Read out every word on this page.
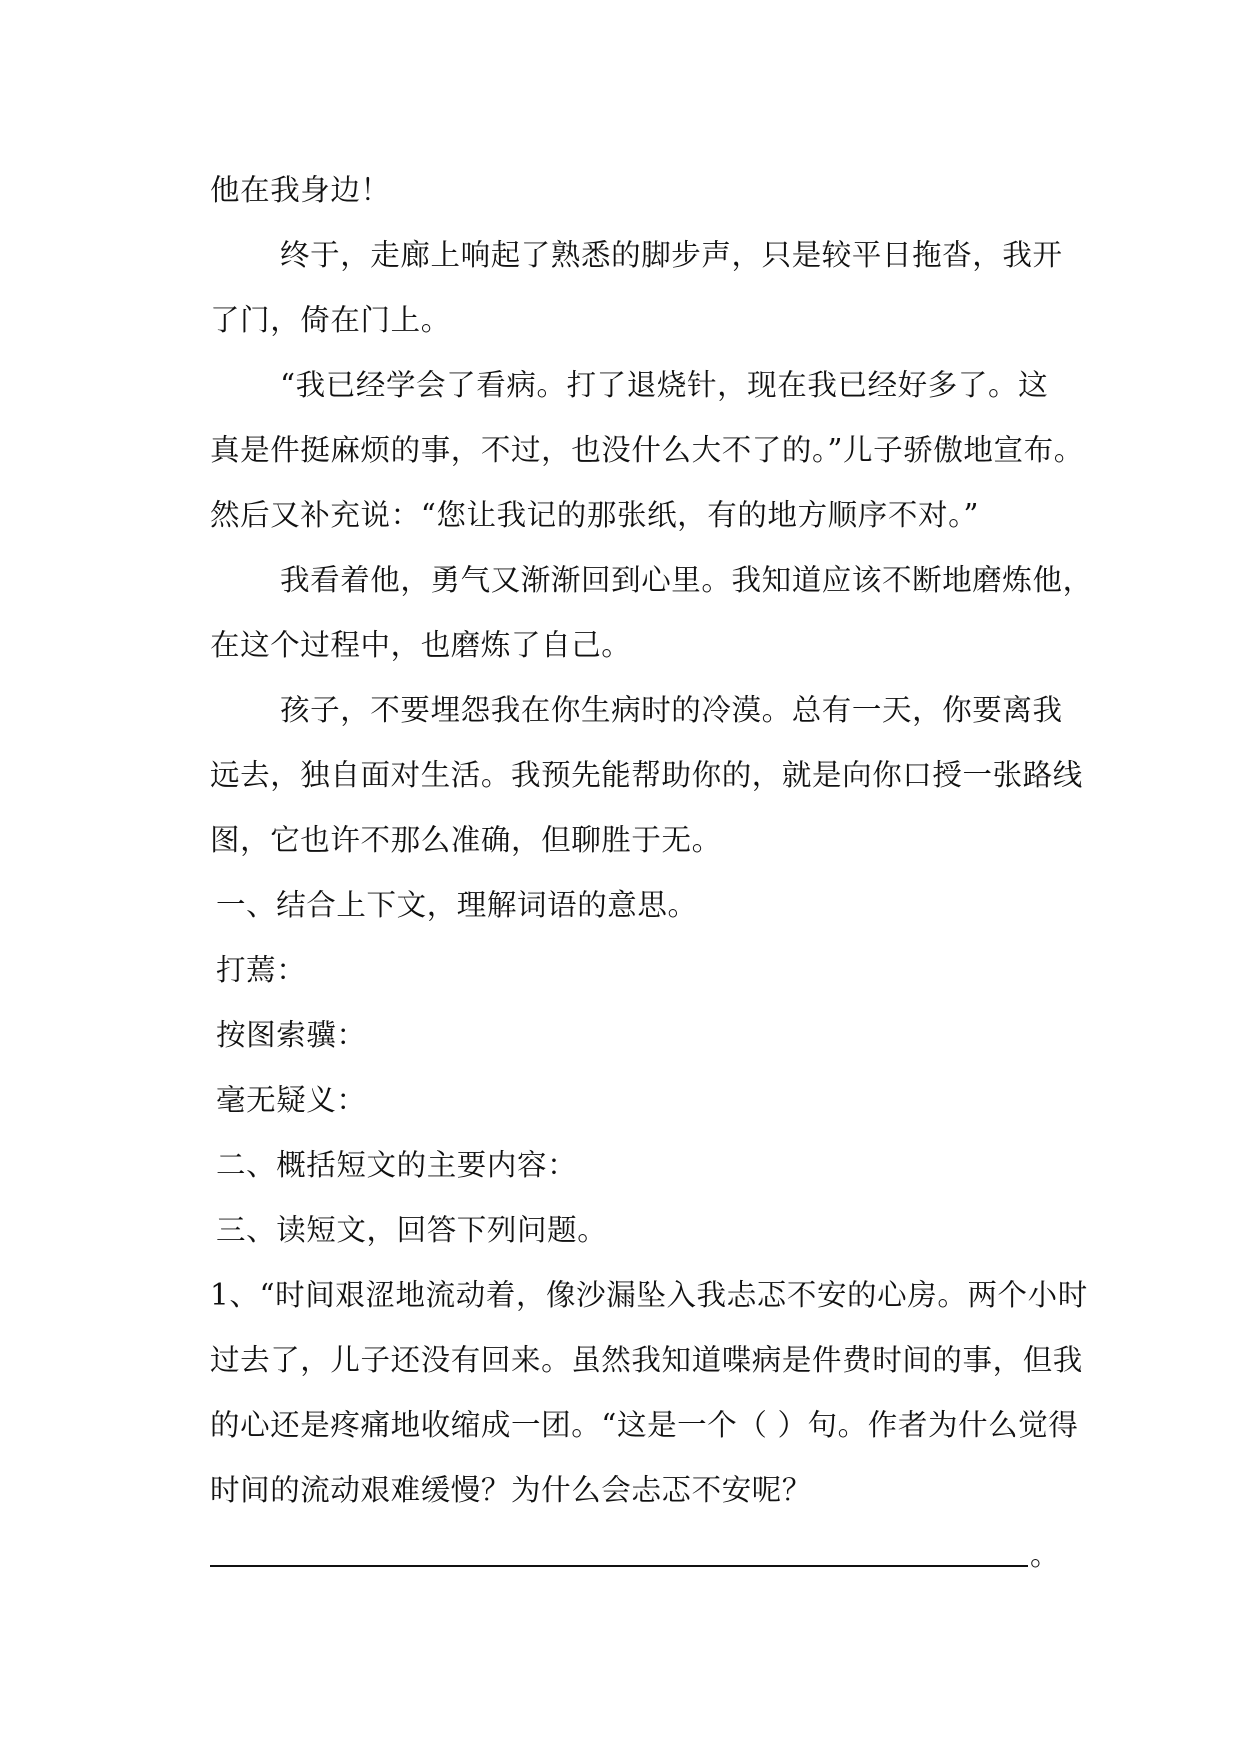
他在我身边！
终于，走廊上响起了熟悉的脚步声，只是较平日拖沓，我开
了门，倚在门上。
“我已经学会了看病。打了退烧针，现在我已经好多了。这
真是件挺麻烦的事，不过，也没什么大不了的。”儿子骄傲地宣布。
然后又补充说：“您让我记的那张纸，有的地方顺序不对。”
我看着他，勇气又渐渐回到心里。我知道应该不断地磨炼他，
在这个过程中，也磨炼了自己。
孩子，不要埋怨我在你生病时的冷漠。总有一天，你要离我
远去，独自面对生活。我预先能帮助你的，就是向你口授一张路线
图，它也许不那么准确，但聊胜于无。
一、结合上下文，理解词语的意思。
打蔫：
按图索骥：
毫无疑义：
二、概括短文的主要内容：
三、读短文，回答下列问题。
1、“时间艰涩地流动着，像沙漏坠入我忐忑不安的心房。两个小时
过去了，儿子还没有回来。虽然我知道喋病是件费时间的事，但我
的心还是疼痛地收缩成一团。“这是一个（ ）句。作者为什么觉得
时间的流动艰难缓慢？为什么会忐忑不安呢？
。
